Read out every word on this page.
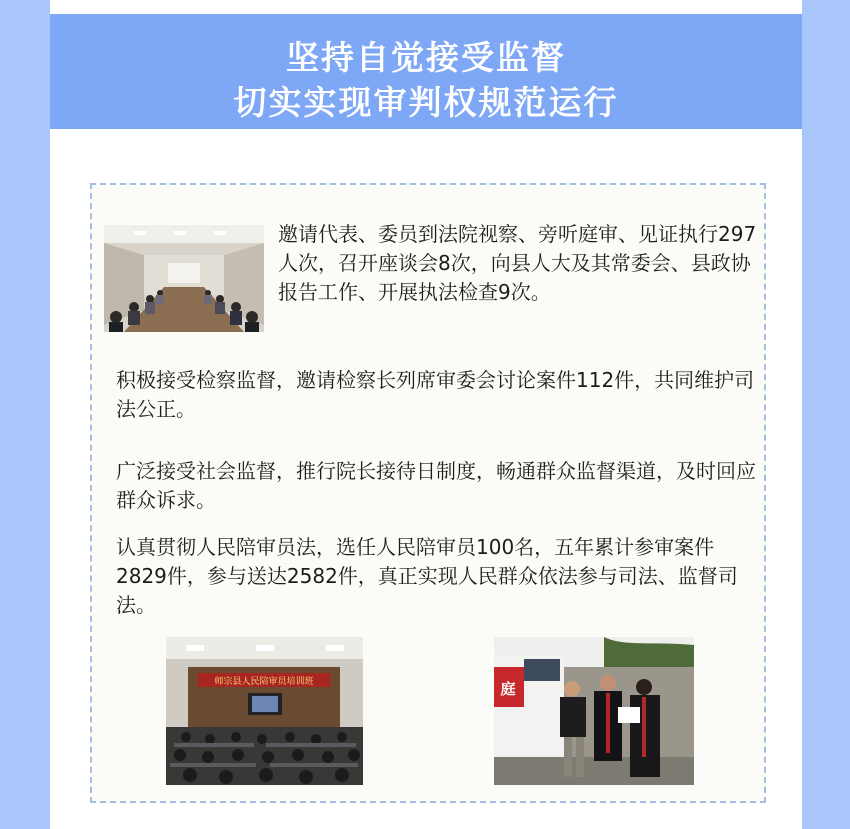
坚持自觉接受监督
切实实现审判权规范运行
邀请代表、委员到法院视察、旁听庭审、见证执行297人次，召开座谈会8次，向县人大及其常委会、县政协报告工作、开展执法检查9次。
积极接受检察监督，邀请检察长列席审委会讨论案件112件，共同维护司法公正。
广泛接受社会监督，推行院长接待日制度，畅通群众监督渠道，及时回应群众诉求。
认真贯彻人民陪审员法，选任人民陪审员100名，五年累计参审案件2829件，参与送达2582件，真正实现人民群众依法参与司法、监督司法。
师宗县人民陪审员培训班	庭
